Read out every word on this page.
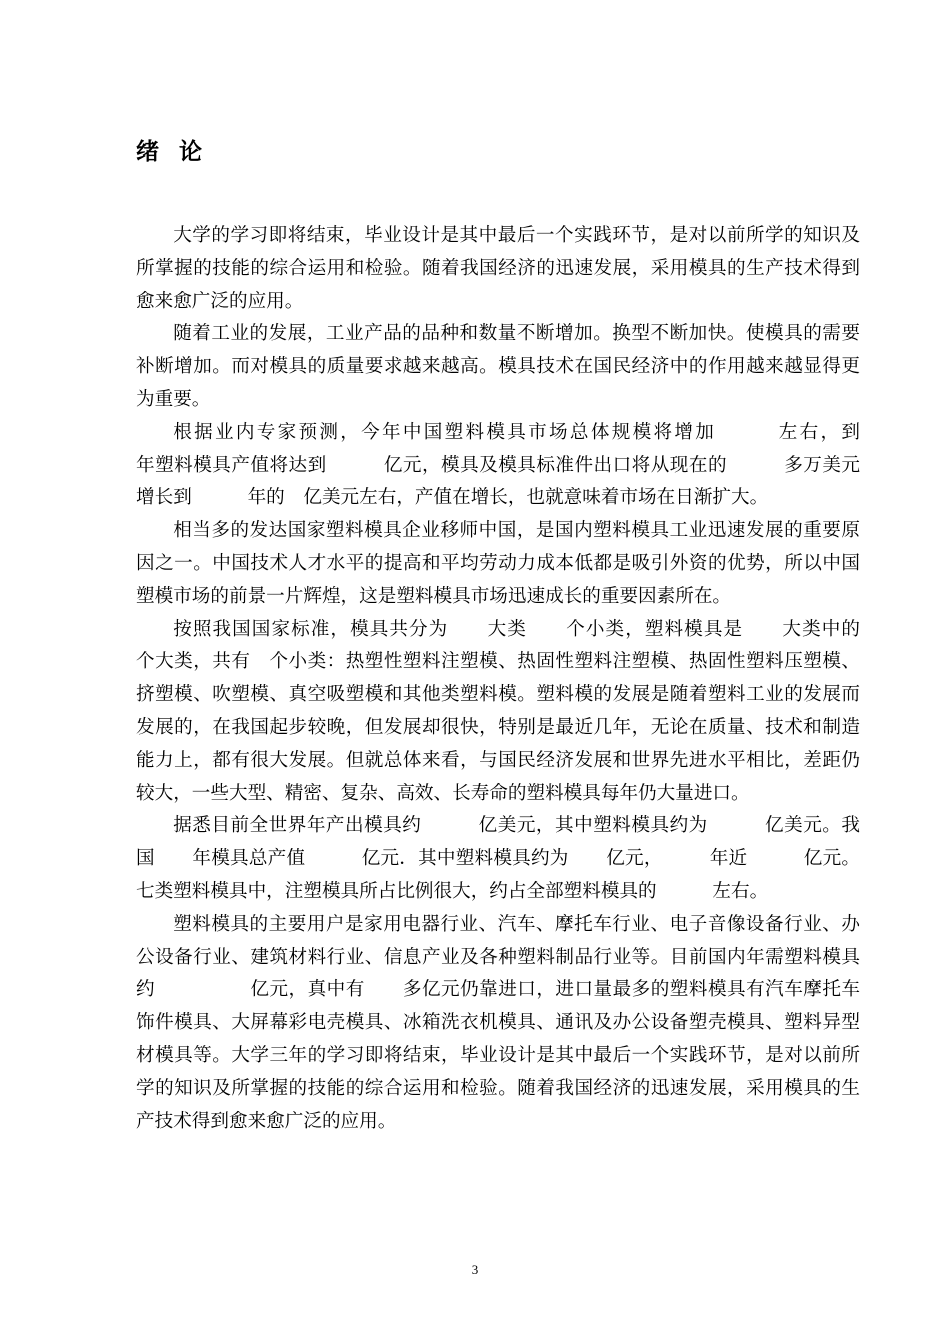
绪 论

大学的学习即将结束，毕业设计是其中最后一个实践环节，是对以前所学的知识及所掌握的技能的综合运用和检验。随着我国经济的迅速发展，采用模具的生产技术得到愈来愈广泛的应用。

随着工业的发展，工业产品的品种和数量不断增加。换型不断加快。使模具的需要补断增加。而对模具的质量要求越来越高。模具技术在国民经济中的作用越来越显得更为重要。

根据业内专家预测，今年中国塑料模具市场总体规模将增加　　　左右，到　　　年塑料模具产值将达到　　　亿元，模具及模具标准件出口将从现在的　　　多万美元增长到　　　年的　亿美元左右，产值在增长，也就意味着市场在日渐扩大。

相当多的发达国家塑料模具企业移师中国，是国内塑料模具工业迅速发展的重要原因之一。中国技术人才水平的提高和平均劳动力成本低都是吸引外资的优势，所以中国塑模市场的前景一片辉煌，这是塑料模具市场迅速成长的重要因素所在。

按照我国国家标准，模具共分为　　大类　　个小类，塑料模具是　　大类中的　个大类，共有　个小类：热塑性塑料注塑模、热固性塑料注塑模、热固性塑料压塑模、挤塑模、吹塑模、真空吸塑模和其他类塑料模。塑料模的发展是随着塑料工业的发展而发展的，在我国起步较晚，但发展却很快，特别是最近几年，无论在质量、技术和制造能力上，都有很大发展。但就总体来看，与国民经济发展和世界先进水平相比，差距仍较大，一些大型、精密、复杂、高效、长寿命的塑料模具每年仍大量进口。

据悉目前全世界年产出模具约　　　亿美元，其中塑料模具约为　　　亿美元。我国　　年模具总产值　　　亿元．其中塑料模具约为　　亿元，　　　年近　　　亿元。七类塑料模具中，注塑模具所占比例很大，约占全部塑料模具的　　　左右。

塑料模具的主要用户是家用电器行业、汽车、摩托车行业、电子音像设备行业、办公设备行业、建筑材料行业、信息产业及各种塑料制品行业等。目前国内年需塑料模具约　　　　　亿元，真中有　　多亿元仍靠进口，进口量最多的塑料模具有汽车摩托车饰件模具、大屏幕彩电壳模具、冰箱洗衣机模具、通讯及办公设备塑壳模具、塑料异型材模具等。大学三年的学习即将结束，毕业设计是其中最后一个实践环节，是对以前所学的知识及所掌握的技能的综合运用和检验。随着我国经济的迅速发展，采用模具的生产技术得到愈来愈广泛的应用。

3
